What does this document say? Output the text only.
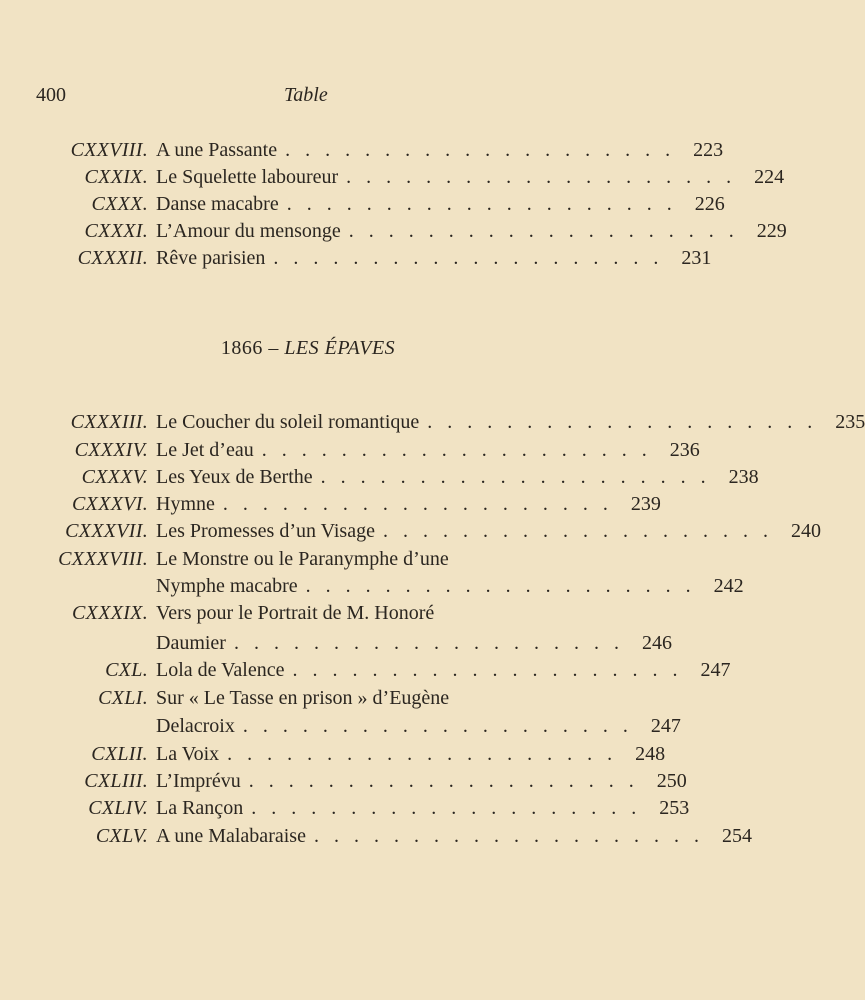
400	Table
CXXVIII. A une Passante . . . . . . . . . . . . . . . . . . . . 223
CXXIX. Le Squelette laboureur . . . . . . . . . . . . . . . . . . . . 224
CXXX. Danse macabre . . . . . . . . . . . . . . . . . . . . 226
CXXXI. L’Amour du mensonge . . . . . . . . . . . . . . . . . . . . 229
CXXXII. Rêve parisien . . . . . . . . . . . . . . . . . . . . 231
1866 – LES ÉPAVES
CXXXIII. Le Coucher du soleil romantique . . . . . . . . . . . . . . . . . . . . 235
CXXXIV. Le Jet d’eau . . . . . . . . . . . . . . . . . . . . 236
CXXXV. Les Yeux de Berthe . . . . . . . . . . . . . . . . . . . . 238
CXXXVI. Hymne . . . . . . . . . . . . . . . . . . . . 239
CXXXVII. Les Promesses d’un Visage . . . . . . . . . . . . . . . . . . . . 240
CXXXVIII. Le Monstre ou le Paranymphe d’une
Nymphe macabre . . . . . . . . . . . . . . . . . . . . 242
CXXXIX. Vers pour le Portrait de M. Honoré
Daumier . . . . . . . . . . . . . . . . . . . . 246
CXL. Lola de Valence . . . . . . . . . . . . . . . . . . . . 247
CXLI. Sur « Le Tasse en prison » d’Eugène
Delacroix . . . . . . . . . . . . . . . . . . . . 247
CXLII. La Voix . . . . . . . . . . . . . . . . . . . . 248
CXLIII. L’Imprévu . . . . . . . . . . . . . . . . . . . . 250
CXLIV. La Rançon . . . . . . . . . . . . . . . . . . . . 253
CXLV. A une Malabaraise . . . . . . . . . . . . . . . . . . . . 254
